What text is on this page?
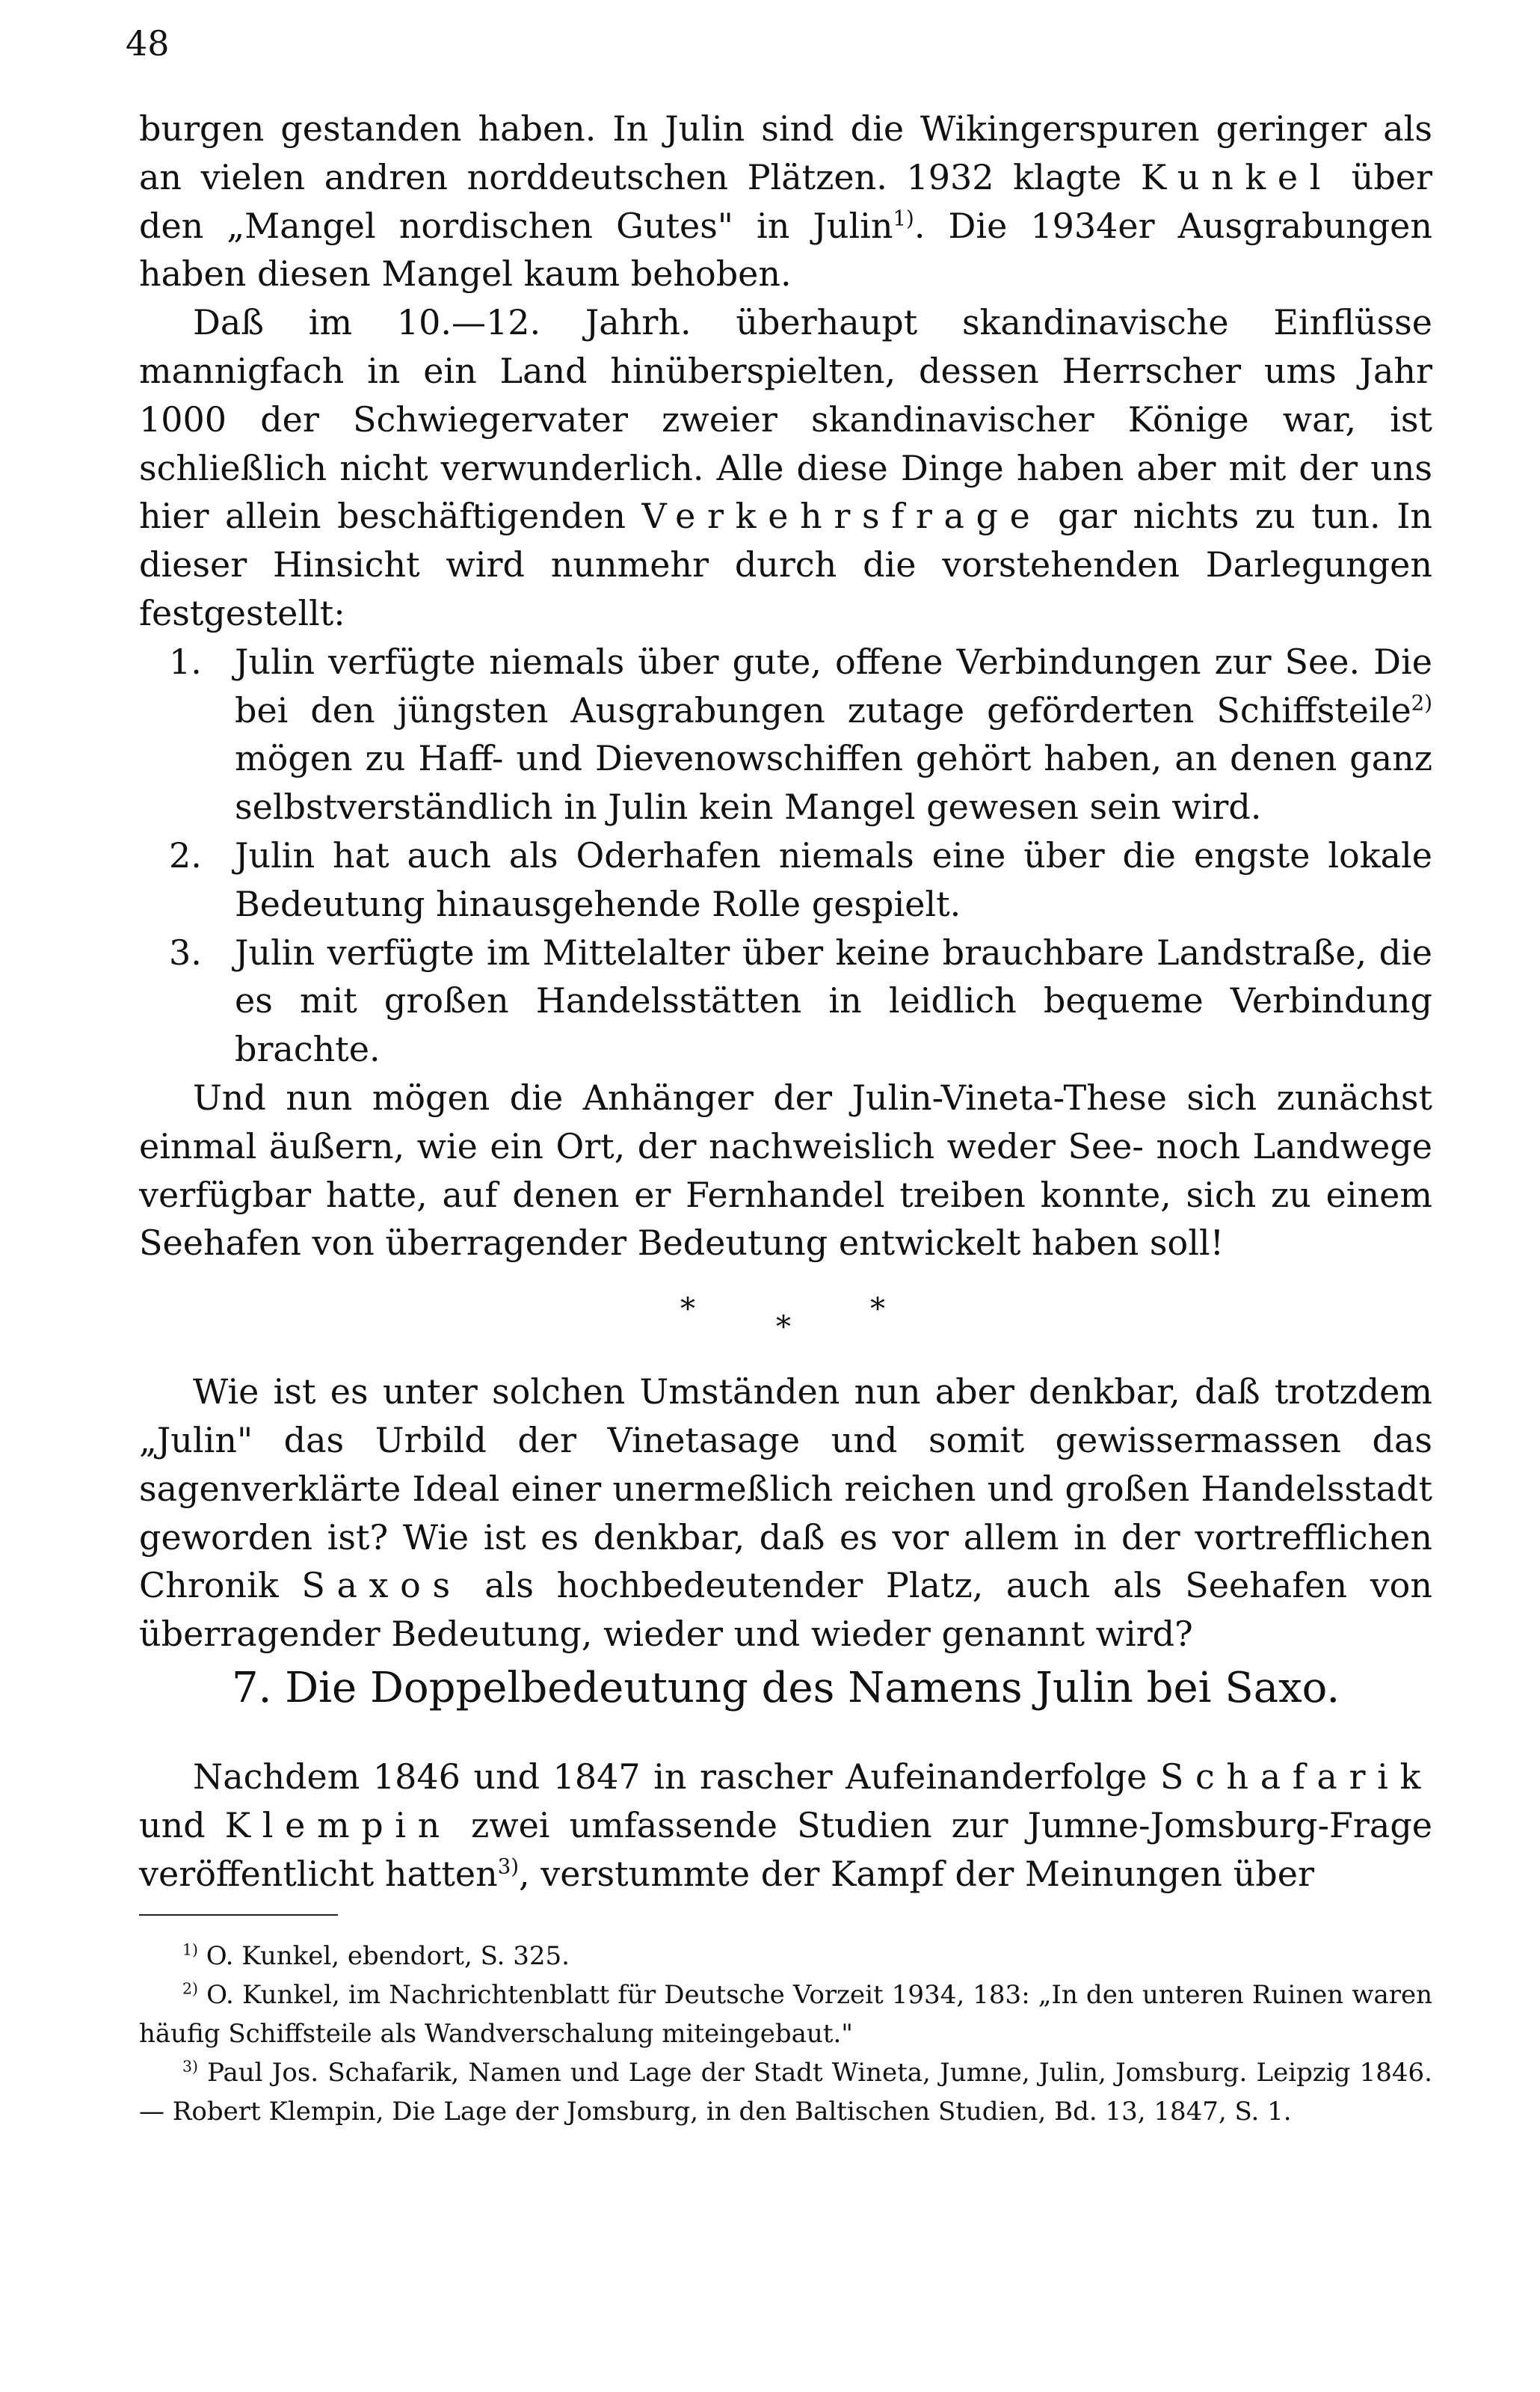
48

burgen gestanden haben. In Julin sind die Wikingerspuren geringer als an vielen andren norddeutschen Plätzen. 1932 klagte Kunkel über den „Mangel nordischen Gutes" in Julin$^{1)}$. Die 1934er Ausgrabungen haben diesen Mangel kaum behoben.

Daß im 10.—12. Jahrh. überhaupt skandinavische Einflüsse mannigfach in ein Land hinüberspielten, dessen Herrscher ums Jahr 1000 der Schwiegervater zweier skandinavischer Könige war, ist schließlich nicht verwunderlich. Alle diese Dinge haben aber mit der uns hier allein beschäftigenden Verkehrsfrage gar nichts zu tun. In dieser Hinsicht wird nunmehr durch die vorstehenden Darlegungen festgestellt:

1. Julin verfügte niemals über gute, offene Verbindungen zur See. Die bei den jüngsten Ausgrabungen zutage geförderten Schiffsteile$^{2)}$ mögen zu Haff- und Dievenowschiffen gehört haben, an denen ganz selbstverständlich in Julin kein Mangel gewesen sein wird.
2. Julin hat auch als Oderhafen niemals eine über die engste lokale Bedeutung hinausgehende Rolle gespielt.
3. Julin verfügte im Mittelalter über keine brauchbare Landstraße, die es mit großen Handelsstätten in leidlich bequeme Verbindung brachte.

Und nun mögen die Anhänger der Julin-Vineta-These sich zunächst einmal äußern, wie ein Ort, der nachweislich weder See- noch Landwege verfügbar hatte, auf denen er Fernhandel treiben konnte, sich zu einem Seehafen von überragender Bedeutung entwickelt haben soll!

*
*
*

Wie ist es unter solchen Umständen nun aber denkbar, daß trotzdem „Julin" das Urbild der Vinetasage und somit gewissermassen das sagenverklärte Ideal einer unermeßlich reichen und großen Handelsstadt geworden ist? Wie ist es denkbar, daß es vor allem in der vortrefflichen Chronik Saxos als hochbedeutender Platz, auch als Seehafen von überragender Bedeutung, wieder und wieder genannt wird?

7. Die Doppelbedeutung des Namens Julin bei Saxo.

Nachdem 1846 und 1847 in rascher Aufeinanderfolge Schafarik und Klempin zwei umfassende Studien zur Jumne-Jomsburg-Frage veröffentlicht hatten$^{3)}$, verstummte der Kampf der Meinungen über

$^{1)}$ O. Kunkel, ebendort, S. 325.

$^{2)}$ O. Kunkel, im Nachrichtenblatt für Deutsche Vorzeit 1934, 183: „In den unteren Ruinen waren häufig Schiffsteile als Wandverschalung miteingebaut."

$^{3)}$ Paul Jos. Schafarik, Namen und Lage der Stadt Wineta, Jumne, Julin, Jomsburg. Leipzig 1846. — Robert Klempin, Die Lage der Jomsburg, in den Baltischen Studien, Bd. 13, 1847, S. 1.
